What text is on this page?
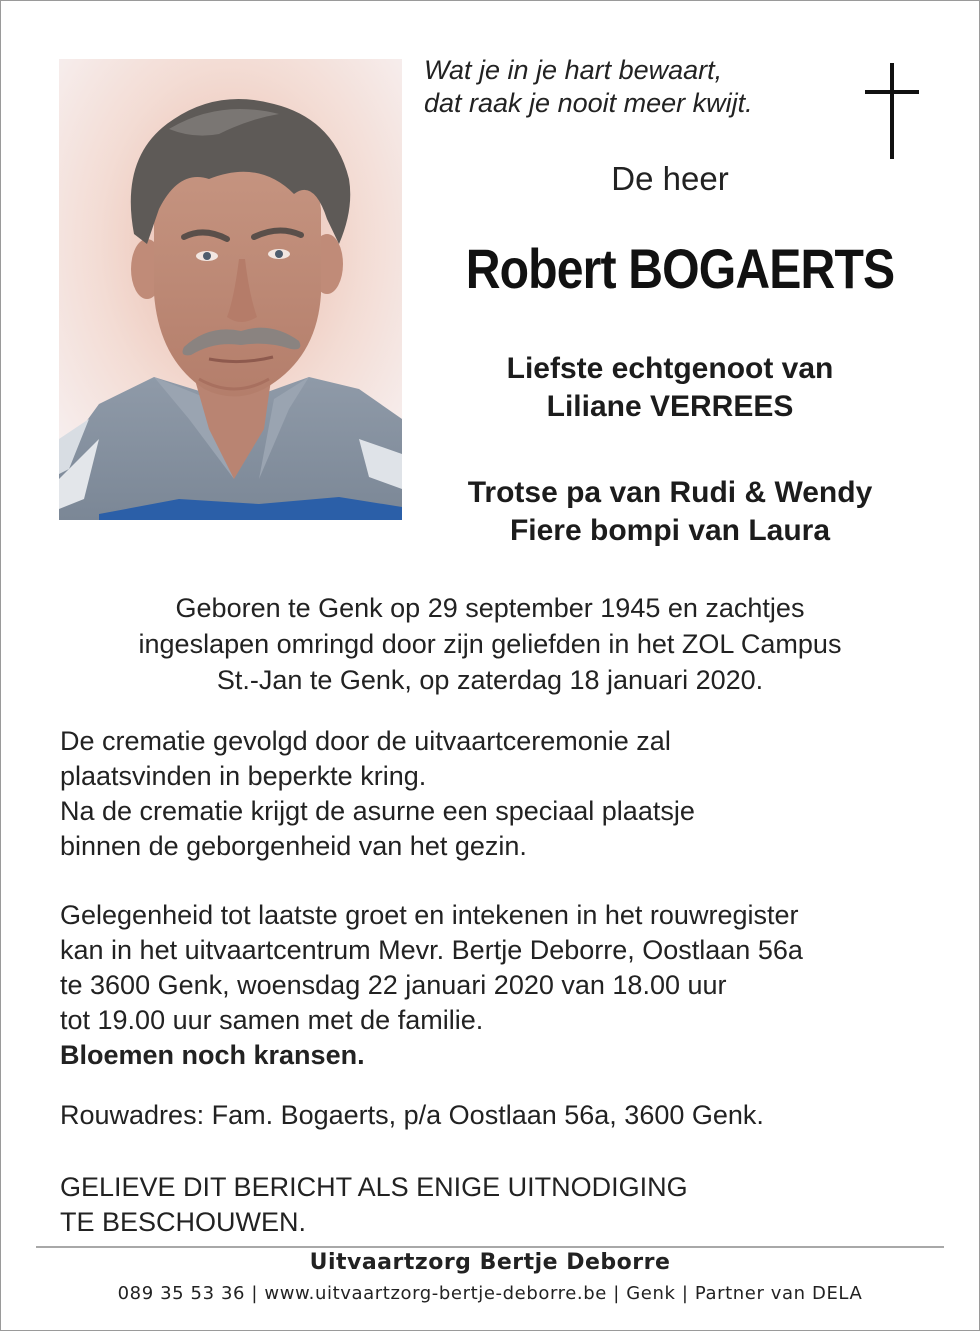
Wat je in je hart bewaart,
dat raak je nooit meer kwijt.
De heer
Robert BOGAERTS
Liefste echtgenoot van
Liliane VERREES
Trotse pa van Rudi & Wendy
Fiere bompi van Laura
Geboren te Genk op 29 september 1945 en zachtjes
ingeslapen omringd door zijn geliefden in het ZOL Campus
St.-Jan te Genk, op zaterdag 18 januari 2020.
De crematie gevolgd door de uitvaartceremonie zal
plaatsvinden in beperkte kring.
Na de crematie krijgt de asurne een speciaal plaatsje
binnen de geborgenheid van het gezin.
Gelegenheid tot laatste groet en intekenen in het rouwregister
kan in het uitvaartcentrum Mevr. Bertje Deborre, Oostlaan 56a
te 3600 Genk, woensdag 22 januari 2020 van 18.00 uur
tot 19.00 uur samen met de familie.
Bloemen noch kransen.
Rouwadres: Fam. Bogaerts, p/a Oostlaan 56a, 3600 Genk.
GELIEVE DIT BERICHT ALS ENIGE UITNODIGING
TE BESCHOUWEN.
Uitvaartzorg Bertje Deborre
089 35 53 36 | www.uitvaartzorg-bertje-deborre.be | Genk | Partner van DELA
